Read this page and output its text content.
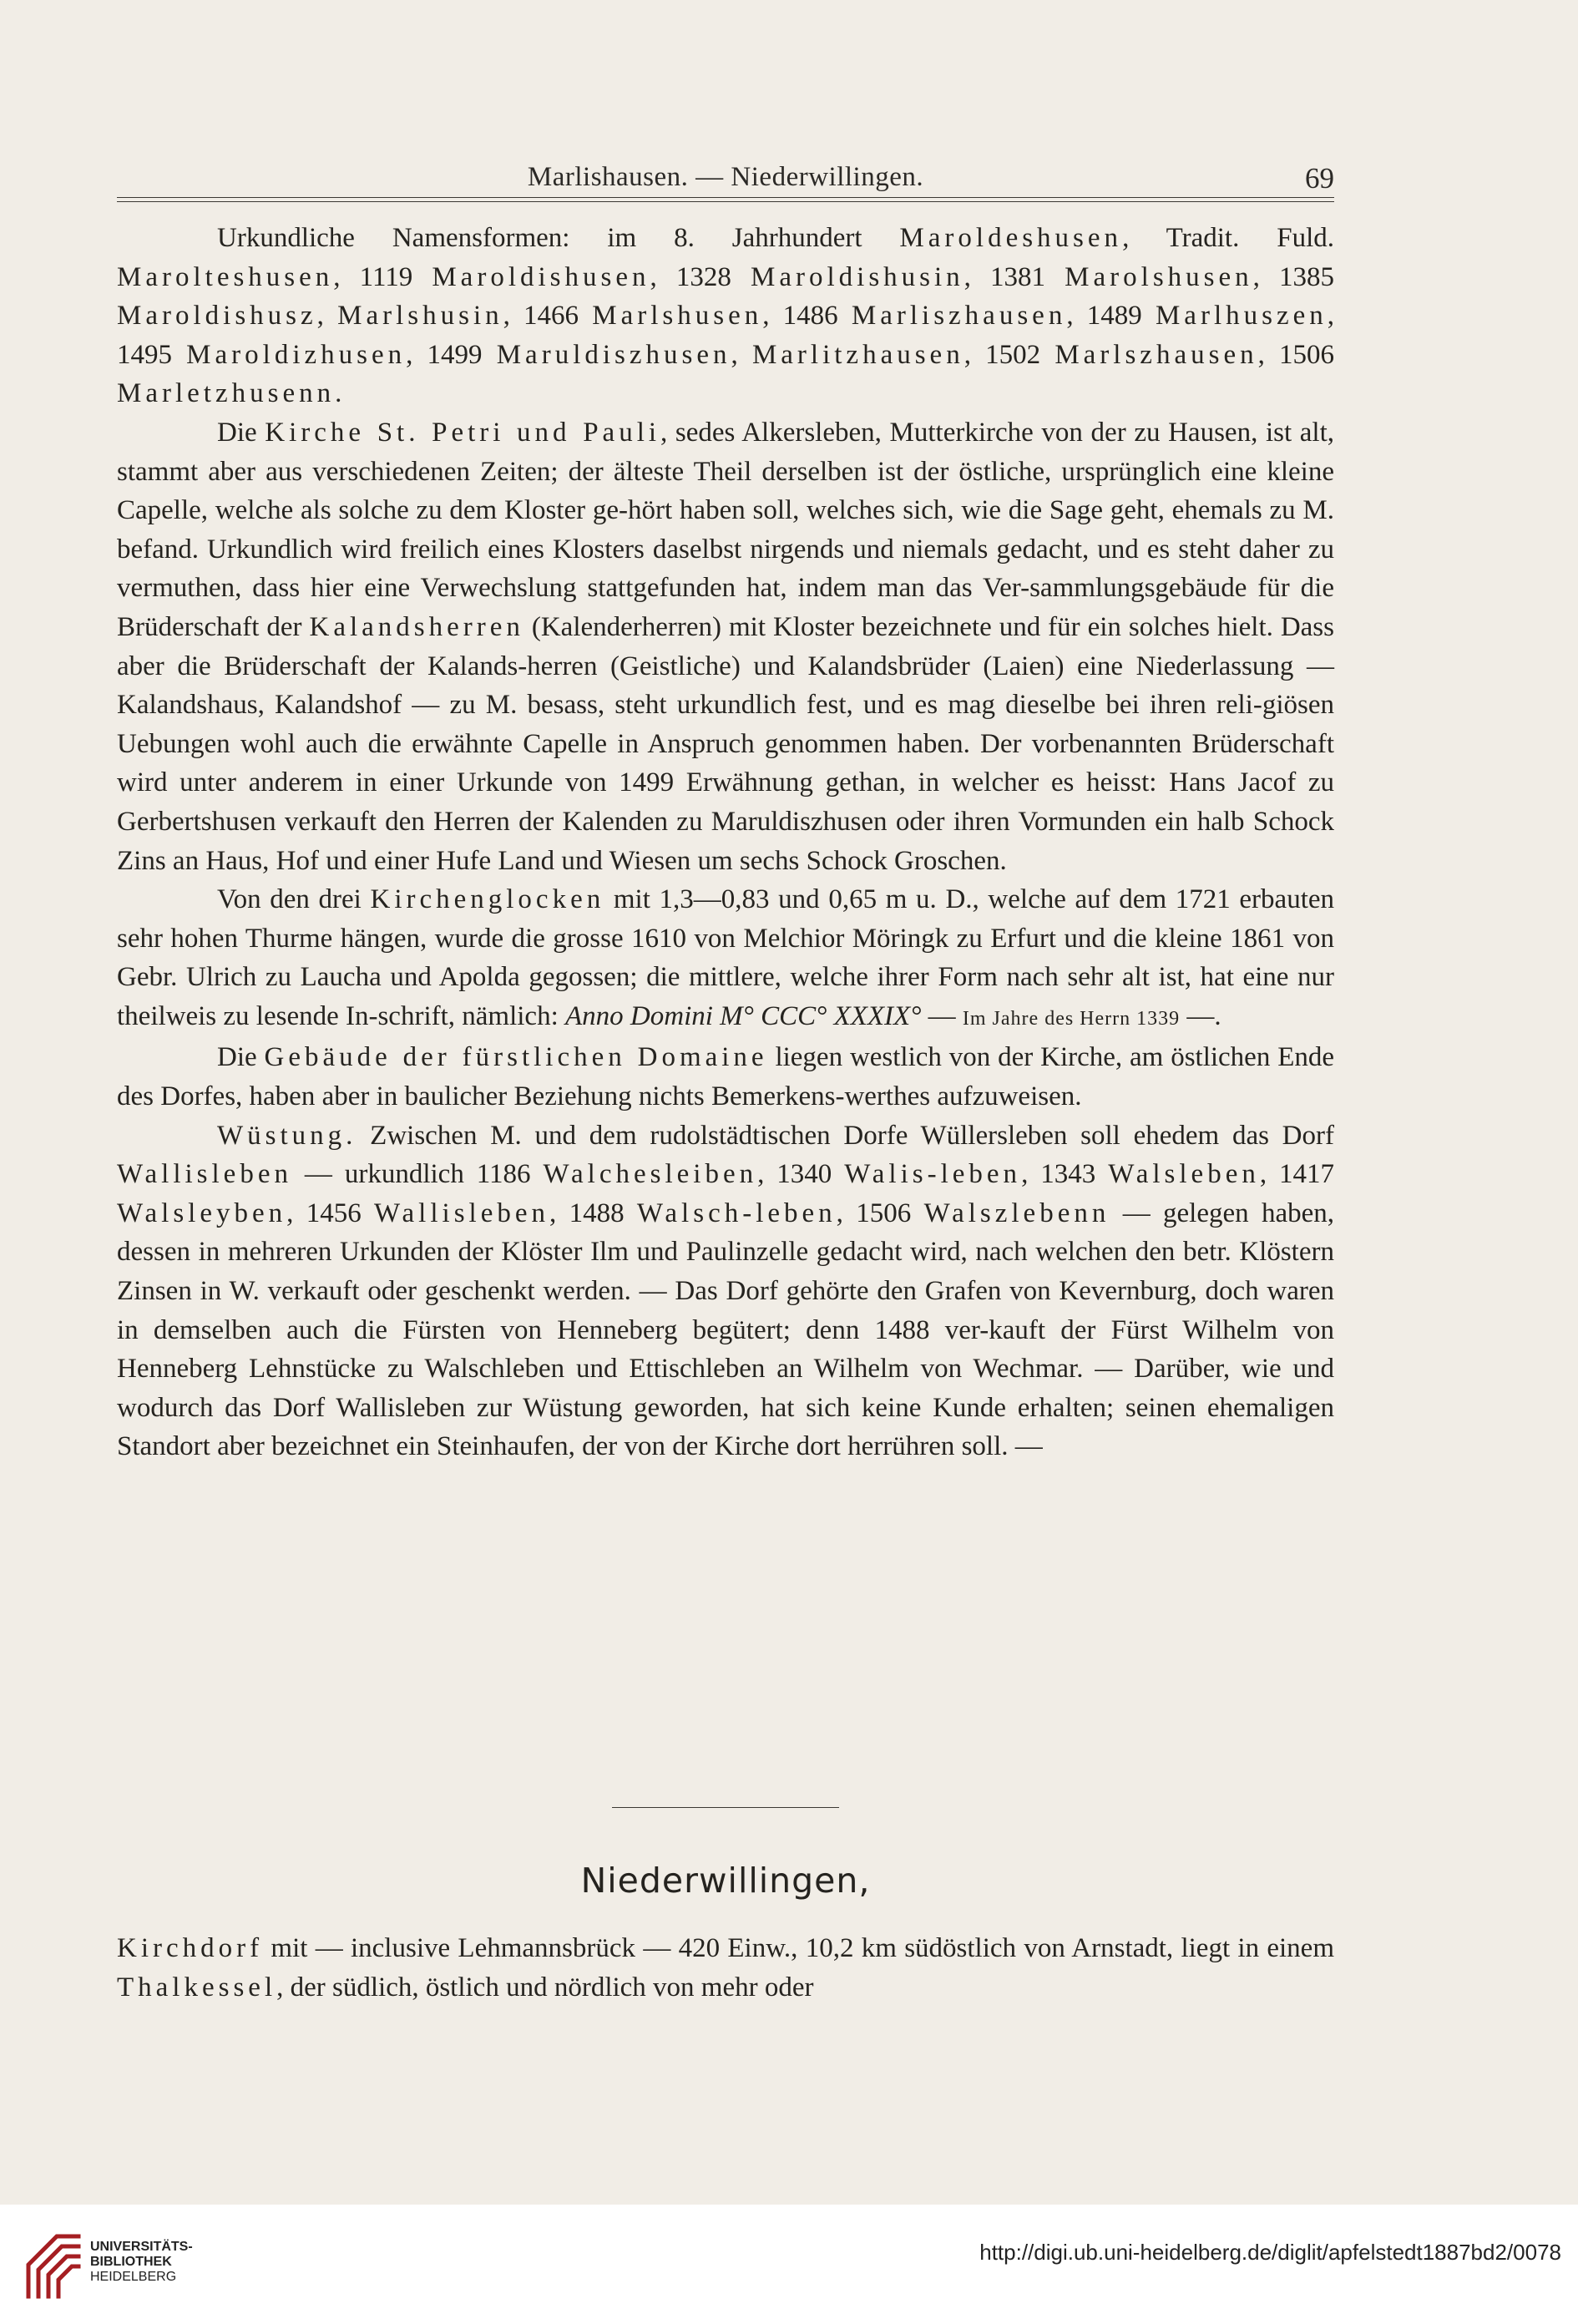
Marlishausen. — Niederwillingen.	69

Urkundliche Namensformen: im 8. Jahrhundert Maroldeshusen, Tradit. Fuld. Marolteshusen, 1119 Maroldishusen, 1328 Maroldishusin, 1381 Marolshusen, 1385 Maroldishusz, Marlshusin, 1466 Marlshusen, 1486 Marliszhausen, 1489 Marlhuszen, 1495 Maroldizhusen, 1499 Maruldiszhusen, Marlitzhausen, 1502 Marlszhausen, 1506 Marletzhusenn.

Die Kirche St. Petri und Pauli, sedes Alkersleben, Mutterkirche von der zu Hausen, ist alt, stammt aber aus verschiedenen Zeiten; der älteste Theil derselben ist der östliche, ursprünglich eine kleine Capelle, welche als solche zu dem Kloster ge-hört haben soll, welches sich, wie die Sage geht, ehemals zu M. befand. Urkundlich wird freilich eines Klosters daselbst nirgends und niemals gedacht, und es steht daher zu vermuthen, dass hier eine Verwechslung stattgefunden hat, indem man das Ver-sammlungsgebäude für die Brüderschaft der Kalandsherren (Kalenderherren) mit Kloster bezeichnete und für ein solches hielt. Dass aber die Brüderschaft der Kalands-herren (Geistliche) und Kalandsbrüder (Laien) eine Niederlassung — Kalandshaus, Kalandshof — zu M. besass, steht urkundlich fest, und es mag dieselbe bei ihren reli-giösen Uebungen wohl auch die erwähnte Capelle in Anspruch genommen haben. Der vorbenannten Brüderschaft wird unter anderem in einer Urkunde von 1499 Erwähnung gethan, in welcher es heisst: Hans Jacof zu Gerbertshusen verkauft den Herren der Kalenden zu Maruldiszhusen oder ihren Vormunden ein halb Schock Zins an Haus, Hof und einer Hufe Land und Wiesen um sechs Schock Groschen.

Von den drei Kirchenglocken mit 1,3—0,83 und 0,65 m u. D., welche auf dem 1721 erbauten sehr hohen Thurme hängen, wurde die grosse 1610 von Melchior Möringk zu Erfurt und die kleine 1861 von Gebr. Ulrich zu Laucha und Apolda gegossen; die mittlere, welche ihrer Form nach sehr alt ist, hat eine nur theilweis zu lesende In-schrift, nämlich: Anno Domini M° CCC° XXXIX° — Im Jahre des Herrn 1339 —.

Die Gebäude der fürstlichen Domaine liegen westlich von der Kirche, am östlichen Ende des Dorfes, haben aber in baulicher Beziehung nichts Bemerkens-werthes aufzuweisen.

Wüstung. Zwischen M. und dem rudolstädtischen Dorfe Wüllersleben soll ehedem das Dorf Wallisleben — urkundlich 1186 Walchesleiben, 1340 Walis-leben, 1343 Walsleben, 1417 Walsleyben, 1456 Wallisleben, 1488 Walsch-leben, 1506 Walszlebenn — gelegen haben, dessen in mehreren Urkunden der Klöster Ilm und Paulinzelle gedacht wird, nach welchen den betr. Klöstern Zinsen in W. verkauft oder geschenkt werden. — Das Dorf gehörte den Grafen von Kevernburg, doch waren in demselben auch die Fürsten von Henneberg begütert; denn 1488 ver-kauft der Fürst Wilhelm von Henneberg Lehnstücke zu Walschleben und Ettischleben an Wilhelm von Wechmar. — Darüber, wie und wodurch das Dorf Wallisleben zur Wüstung geworden, hat sich keine Kunde erhalten; seinen ehemaligen Standort aber bezeichnet ein Steinhaufen, der von der Kirche dort herrühren soll. —

Niederwillingen,

Kirchdorf mit — inclusive Lehmannsbrück — 420 Einw., 10,2 km südöstlich von Arnstadt, liegt in einem Thalkessel, der südlich, östlich und nördlich von mehr oder

UNIVERSITÄTS-
BIBLIOTHEK
HEIDELBERG
http://digi.ub.uni-heidelberg.de/diglit/apfelstedt1887bd2/0078
